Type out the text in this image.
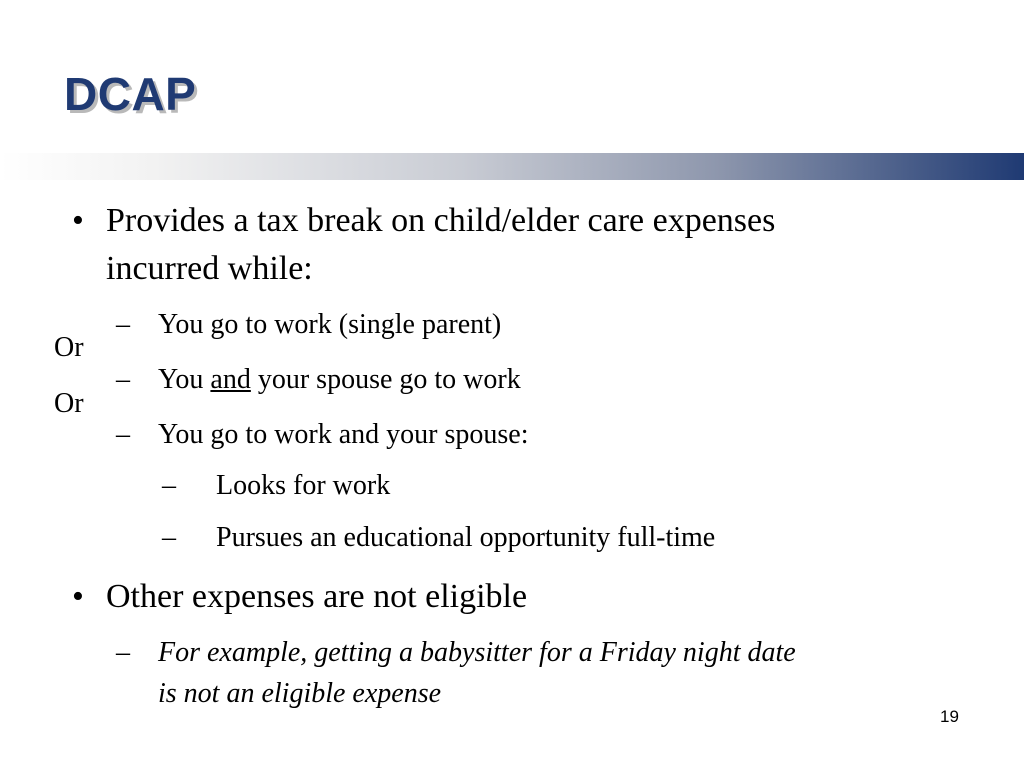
DCAP
• Provides a tax break on child/elder care expenses
incurred while:
– You go to work (single parent)
Or
– You and your spouse go to work
Or
– You go to work and your spouse:
– Looks for work
– Pursues an educational opportunity full-time
• Other expenses are not eligible
– For example, getting a babysitter for a Friday night date
is not an eligible expense
19
